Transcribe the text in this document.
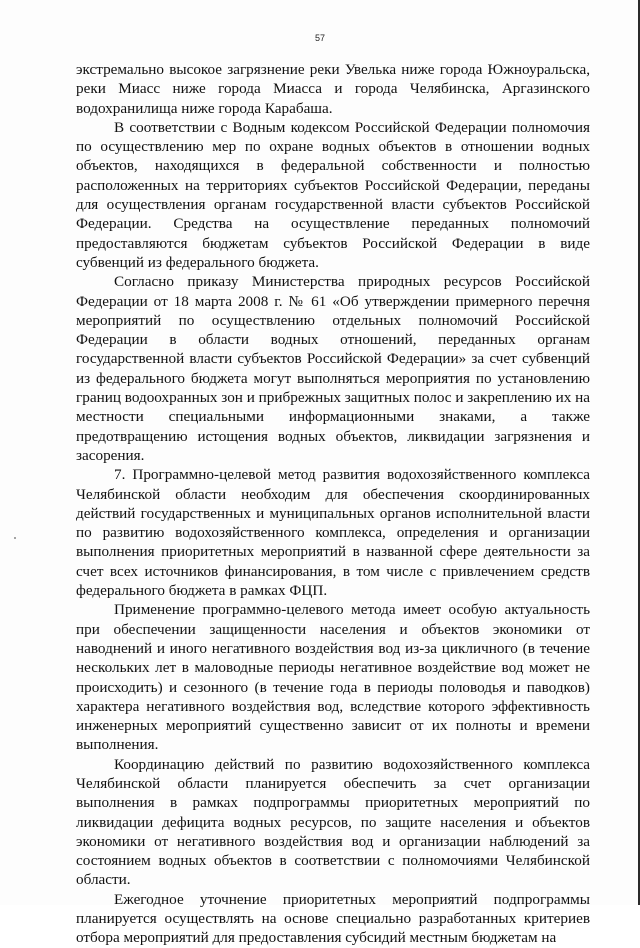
57

экстремально высокое загрязнение реки Увелька ниже города Южноуральска, реки Миасс ниже города Миасса и города Челябинска, Аргазинского водохранилища ниже города Карабаша.

В соответствии с Водным кодексом Российской Федерации полномочия по осуществлению мер по охране водных объектов в отношении водных объектов, находящихся в федеральной собственности и полностью расположенных на территориях субъектов Российской Федерации, переданы для осуществления органам государственной власти субъектов Российской Федерации. Средства на осуществление переданных полномочий предоставляются бюджетам субъектов Российской Федерации в виде субвенций из федерального бюджета.

Согласно приказу Министерства природных ресурсов Российской Федерации от 18 марта 2008 г. № 61 «Об утверждении примерного перечня мероприятий по осуществлению отдельных полномочий Российской Федерации в области водных отношений, переданных органам государственной власти субъектов Российской Федерации» за счет субвенций из федерального бюджета могут выполняться мероприятия по установлению границ водоохранных зон и прибрежных защитных полос и закреплению их на местности специальными информационными знаками, а также предотвращению истощения водных объектов, ликвидации загрязнения и засорения.

7. Программно-целевой метод развития водохозяйственного комплекса Челябинской области необходим для обеспечения скоординированных действий государственных и муниципальных органов исполнительной власти по развитию водохозяйственного комплекса, определения и организации выполнения приоритетных мероприятий в названной сфере деятельности за счет всех источников финансирования, в том числе с привлечением средств федерального бюджета в рамках ФЦП.

Применение программно-целевого метода имеет особую актуальность при обеспечении защищенности населения и объектов экономики от наводнений и иного негативного воздействия вод из-за цикличного (в течение нескольких лет в маловодные периоды негативное воздействие вод может не происходить) и сезонного (в течение года в периоды половодья и паводков) характера негативного воздействия вод, вследствие которого эффективность инженерных мероприятий существенно зависит от их полноты и времени выполнения.

Координацию действий по развитию водохозяйственного комплекса Челябинской области планируется обеспечить за счет организации выполнения в рамках подпрограммы приоритетных мероприятий по ликвидации дефицита водных ресурсов, по защите населения и объектов экономики от негативного воздействия вод и организации наблюдений за состоянием водных объектов в соответствии с полномочиями Челябинской области.

Ежегодное уточнение приоритетных мероприятий подпрограммы планируется осуществлять на основе специально разработанных критериев отбора мероприятий для предоставления субсидий местным бюджетам на
